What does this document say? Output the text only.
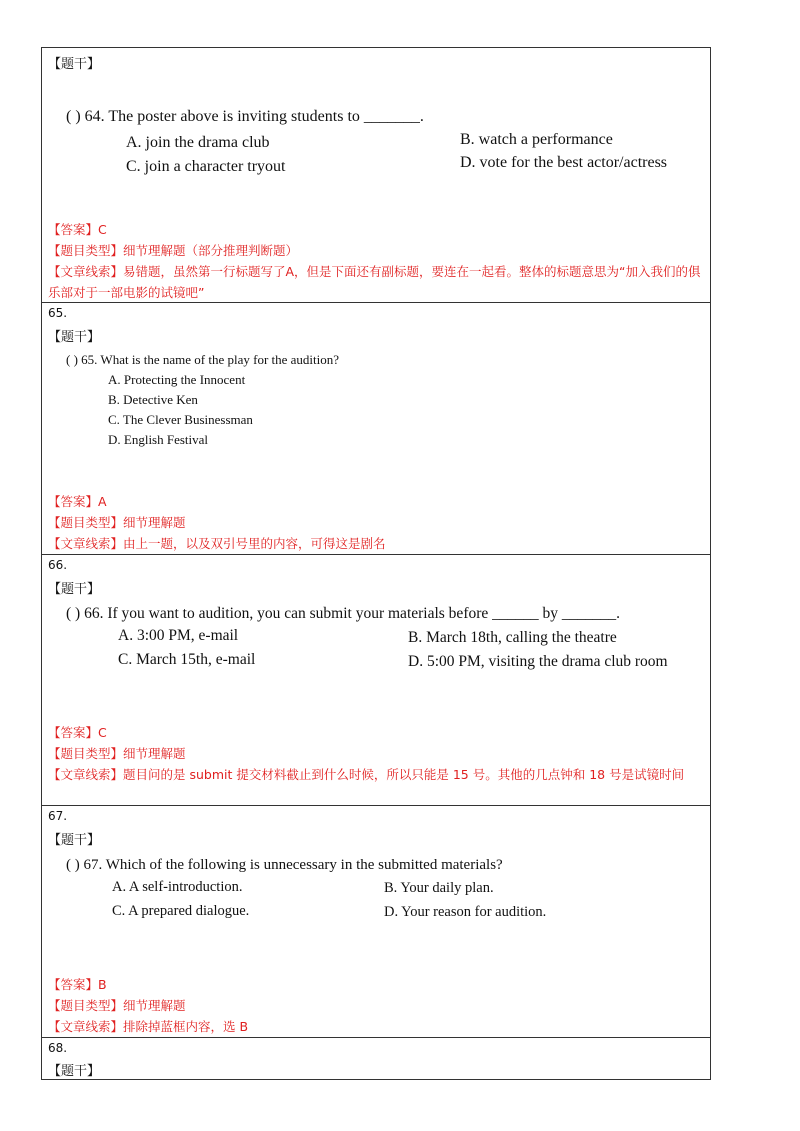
【题干】
( ) 64. The poster above is inviting students to _______.
A. join the drama club	B. watch a performance
C. join a character tryout	D. vote for the best actor/actress
【答案】C
【题目类型】细节理解题（部分推理判断题）
【文章线索】易错题，虽然第一行标题写了A，但是下面还有副标题，要连在一起看。整体的标题意思为“加入我们的俱乐部对于一部电影的试镜吧”
65.
【题干】
( ) 65. What is the name of the play for the audition?
A. Protecting the Innocent
B. Detective Ken
C. The Clever Businessman
D. English Festival
【答案】A
【题目类型】细节理解题
【文章线索】由上一题，以及双引号里的内容，可得这是剧名
66.
【题干】
( ) 66. If you want to audition, you can submit your materials before ______ by _______.
A. 3:00 PM, e-mail	B. March 18th, calling the theatre
C. March 15th, e-mail	D. 5:00 PM, visiting the drama club room
【答案】C
【题目类型】细节理解题
【文章线索】题目问的是 submit 提交材料截止到什么时候，所以只能是 15 号。其他的几点钟和 18 号是试镜时间
67.
【题干】
( ) 67. Which of the following is unnecessary in the submitted materials?
A. A self-introduction.	B. Your daily plan.
C. A prepared dialogue.	D. Your reason for audition.
【答案】B
【题目类型】细节理解题
【文章线索】排除掉蓝框内容，选 B
68.
【题干】
